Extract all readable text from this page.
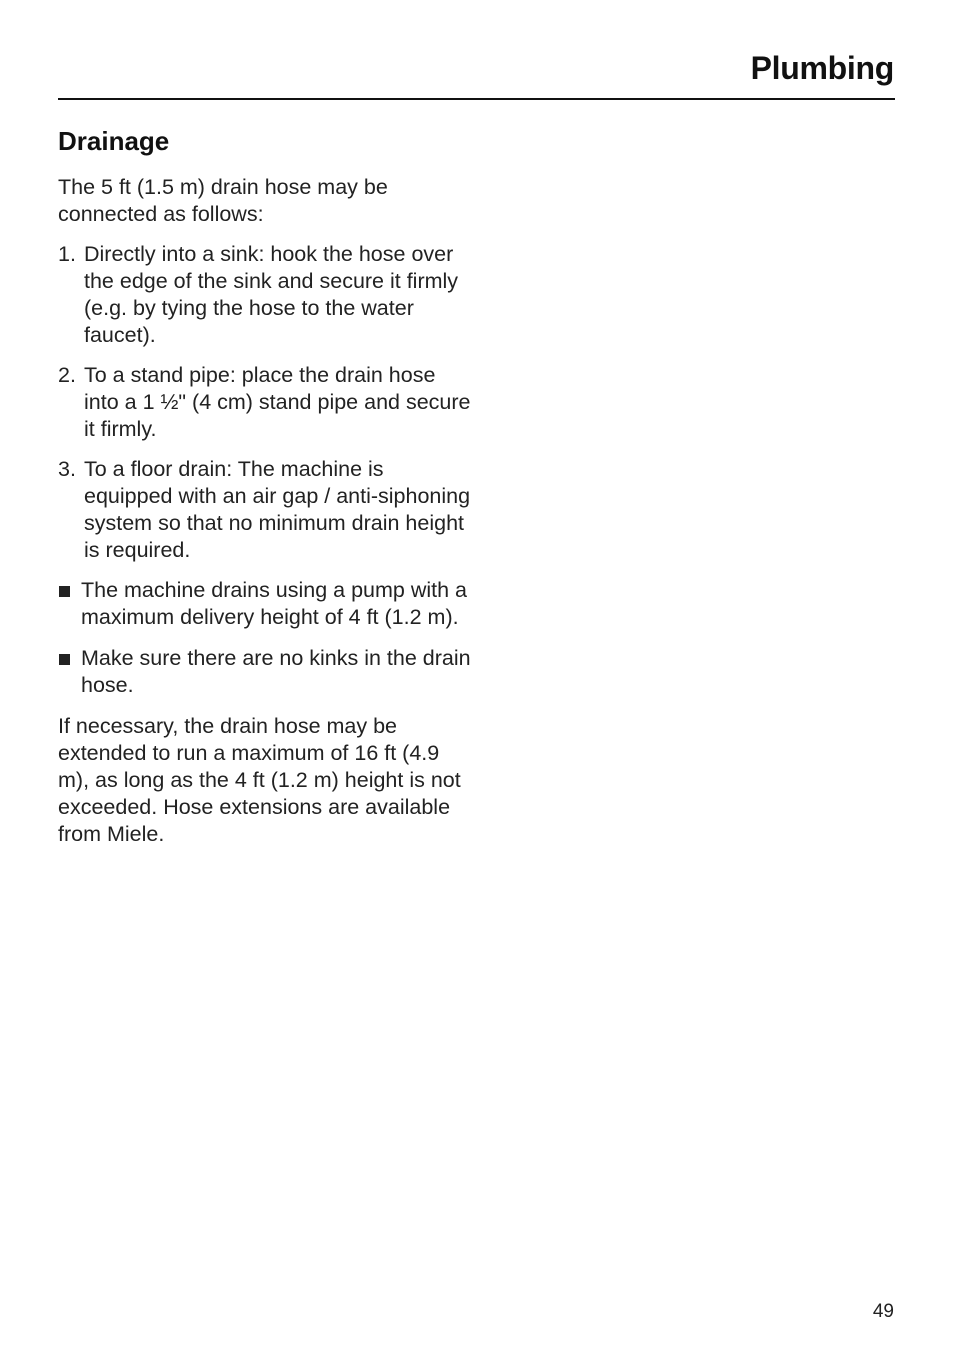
Plumbing
Drainage

The 5 ft (1.5 m) drain hose may be connected as follows:

1. Directly into a sink: hook the hose over the edge of the sink and secure it firmly (e.g. by tying the hose to the water faucet).
2. To a stand pipe: place the drain hose into a 1 ½" (4 cm) stand pipe and secure it firmly.
3. To a floor drain: The machine is equipped with an air gap / anti-siphoning system so that no minimum drain height is required.
The machine drains using a pump with a maximum delivery height of 4 ft (1.2 m).
Make sure there are no kinks in the drain hose.

If necessary, the drain hose may be extended to run a maximum of 16 ft (4.9 m), as long as the 4 ft (1.2 m) height is not exceeded. Hose extensions are available from Miele.

49
